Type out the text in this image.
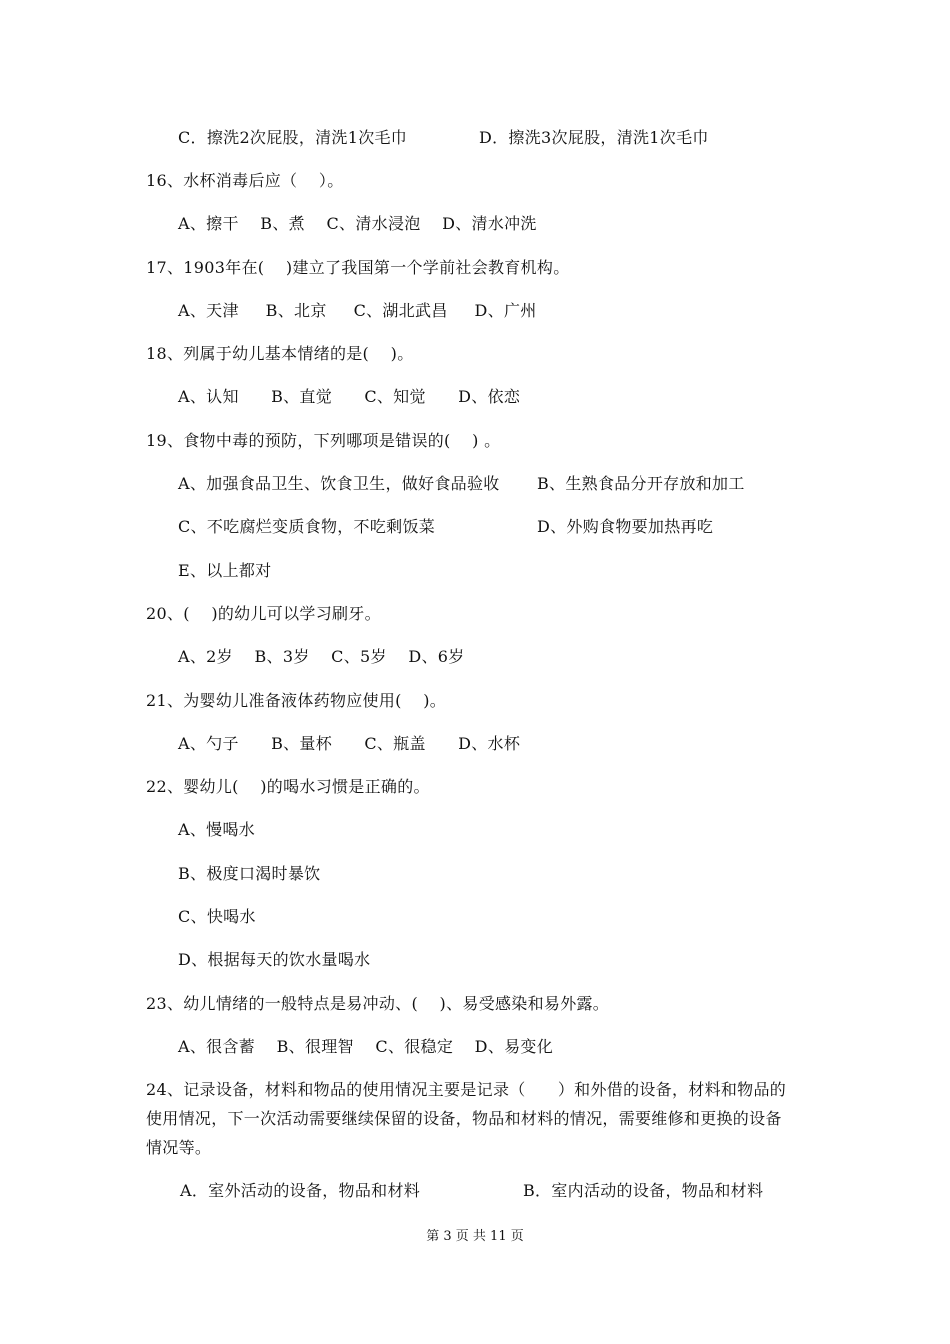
C．擦洗2次屁股，清洗1次毛巾	D．擦洗3次屁股，清洗1次毛巾
16、水杯消毒后应（    ）。
A、擦干    B、煮    C、清水浸泡    D、清水冲洗
17、1903年在(    )建立了我国第一个学前社会教育机构。
A、天津     B、北京     C、湖北武昌     D、广州
18、列属于幼儿基本情绪的是(    )。
A、认知      B、直觉      C、知觉      D、依恋
19、食物中毒的预防，下列哪项是错误的(    ) 。
A、加强食品卫生、饮食卫生，做好食品验收 B、生熟食品分开存放和加工
C、不吃腐烂变质食物，不吃剩饭菜	D、外购食物要加热再吃
E、以上都对
20、(    )的幼儿可以学习刷牙。
A、2岁    B、3岁    C、5岁    D、6岁
21、为婴幼儿准备液体药物应使用(    )。
A、勺子      B、量杯      C、瓶盖      D、水杯
22、婴幼儿(    )的喝水习惯是正确的。
A、慢喝水
B、极度口渴时暴饮
C、快喝水
D、根据每天的饮水量喝水
23、幼儿情绪的一般特点是易冲动、(    )、易受感染和易外露。
A、很含蓄    B、很理智    C、很稳定    D、易变化
24、记录设备，材料和物品的使用情况主要是记录（      ）和外借的设备，材料和物品的
使用情况，下一次活动需要继续保留的设备，物品和材料的情况，需要维修和更换的设备
情况等。
A．室外活动的设备，物品和材料	B．室内活动的设备，物品和材料
第 3 页 共 11 页
